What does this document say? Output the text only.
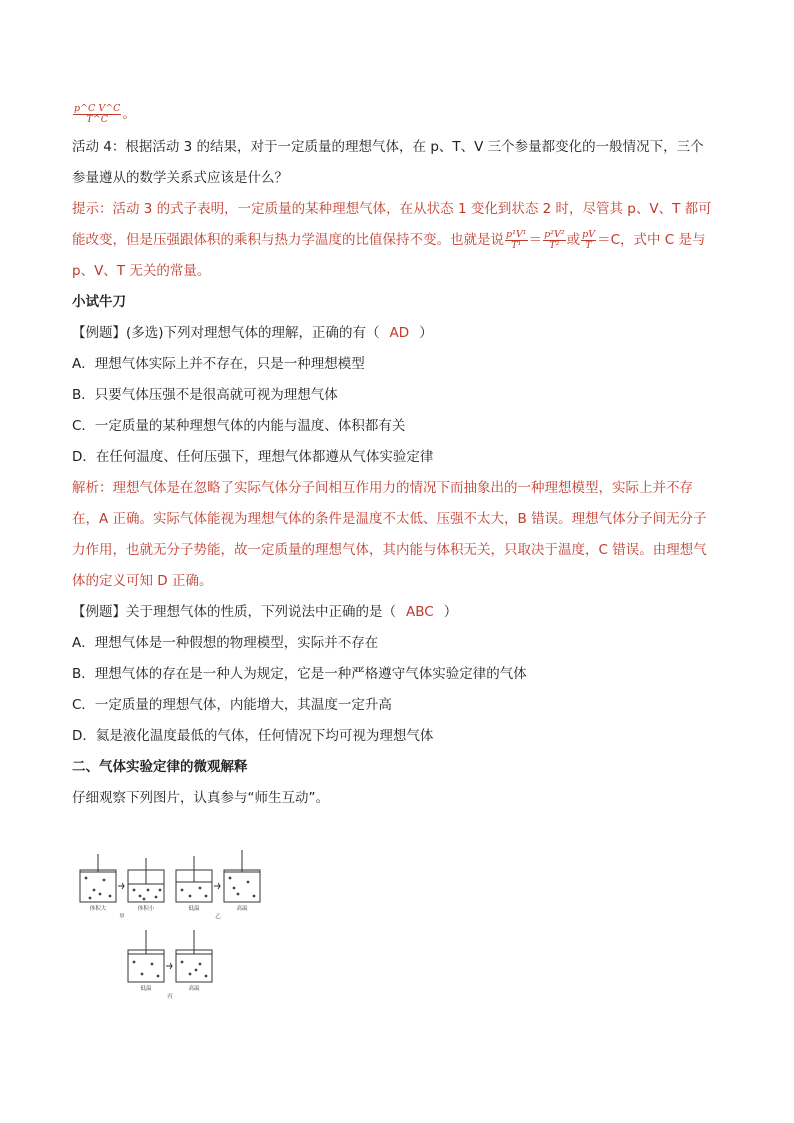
$\frac{\text{p\textasciicircum{}C V\textasciicircum{}C}}{T\^{}C}$ 。
活动 4：根据活动 3 的结果，对于一定质量的理想气体，在 p、T、V 三个参量都变化的一般情况下，三个
参量遵从的数学关系式应该是什么？
提示：活动 3 的式子表明，一定质量的某种理想气体，在从状态 1 变化到状态 2 时，尽管其 p、V、T 都可
能改变，但是压强跟体积的乘积与热力学温度的比值保持不变。也就是说 $\frac{\text{p¹V¹}}{\text{T¹}} = \frac{\text{p²V²}}{\text{T²}}$ 或 $\frac{pV}{T} =C$，式中 C 是与
p、V、T 无关的常量。
小试牛刀
【例题】(多选)下列对理想气体的理解，正确的有（ AD ）
A．理想气体实际上并不存在，只是一种理想模型
B．只要气体压强不是很高就可视为理想气体
C．一定质量的某种理想气体的内能与温度、体积都有关
D．在任何温度、任何压强下，理想气体都遵从气体实验定律
解析：理想气体是在忽略了实际气体分子间相互作用力的情况下而抽象出的一种理想模型，实际上并不存
在，A 正确。实际气体能视为理想气体的条件是温度不太低、压强不太大，B 错误。理想气体分子间无分子
力作用，也就无分子势能，故一定质量的理想气体，其内能与体积无关，只取决于温度，C 错误。由理想气
体的定义可知 D 正确。
【例题】关于理想气体的性质，下列说法中正确的是（ ABC ）
A．理想气体是一种假想的物理模型，实际并不存在
B．理想气体的存在是一种人为规定，它是一种严格遵守气体实验定律的气体
C．一定质量的理想气体，内能增大，其温度一定升高
D．氦是液化温度最低的气体，任何情况下均可视为理想气体
二、气体实验定律的微观解释
仔细观察下列图片，认真参与“师生互动”。
体积大	体积小
甲
低温	高温
乙
低温	高温
丙
